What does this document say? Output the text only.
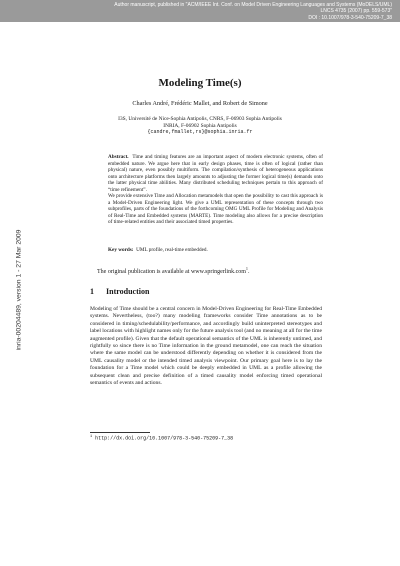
Author manuscript, published in "ACM/IEEE Int. Conf. on Model Driven Engineering Languages and Systems (MoDELS/UML)
LNCS 4735 (2007) pp. 559-573"
DOI : 10.1007/978-3-540-75209-7_38
inria-00204489, version 1 - 27 Mar 2009
Modeling Time(s)
Charles André, Frédéric Mallet, and Robert de Simone
I3S, Université de Nice-Sophia Antipolis, CNRS, F-06903 Sophia Antipolis
INRIA, F-06902 Sophia Antipolis
{candre,fmallet,rs}@sophia.inria.fr

Abstract. Time and timing features are an important aspect of modern electronic systems, often of embedded nature. We argue here that in early design phases, time is often of logical (rather than physical) nature, even possibly multiform. The compilation/synthesis of heterogeneous applications onto architecture platforms then largely amounts to adjusting the former logical time(s) demands onto the latter physical time abilities. Many distributed scheduling techniques pertain to this approach of “time refinement”.

We provide extensive Time and Allocation metamodels that open the possibility to cast this approach is a Model-Driven Engineering light. We give a UML representation of these concepts through two subprofiles, parts of the foundations of the forthcoming OMG UML Profile for Modeling and Analysis of Real-Time and Embedded systems (MARTE). Time modeling also allows for a precise description of time-related entities and their associated timed properties.

Key words: UML profile, real-time embedded.
The original publication is available at www.springerlink.com$^1$.
1 Introduction

Modeling of Time should be a central concern in Model-Driven Engineering for Real-Time Embedded systems. Nevertheless, (too?) many modeling frameworks consider Time annotations as to be considered in timing/schedulability/performance, and accordingly build uninterpreted stereotypes and label locations with highlight names only for the future analysis tool (and no meaning at all for the time augmented profile). Given that the default operational semantics of the UML is inherently untimed, and rightfully so since there is no Time information in the ground metamodel, one can reach the situation where the same model can be understood differently depending on whether it is considered from the UML causality model or the intended timed analysis viewpoint. Our primary goal here is to lay the foundation for a Time model which could be deeply embedded in UML as a profile allowing the subsequent clean and precise definition of a timed causality model enforcing timed operational semantics of events and actions.

$^1$ http://dx.doi.org/10.1007/978-3-540-75209-7_38
